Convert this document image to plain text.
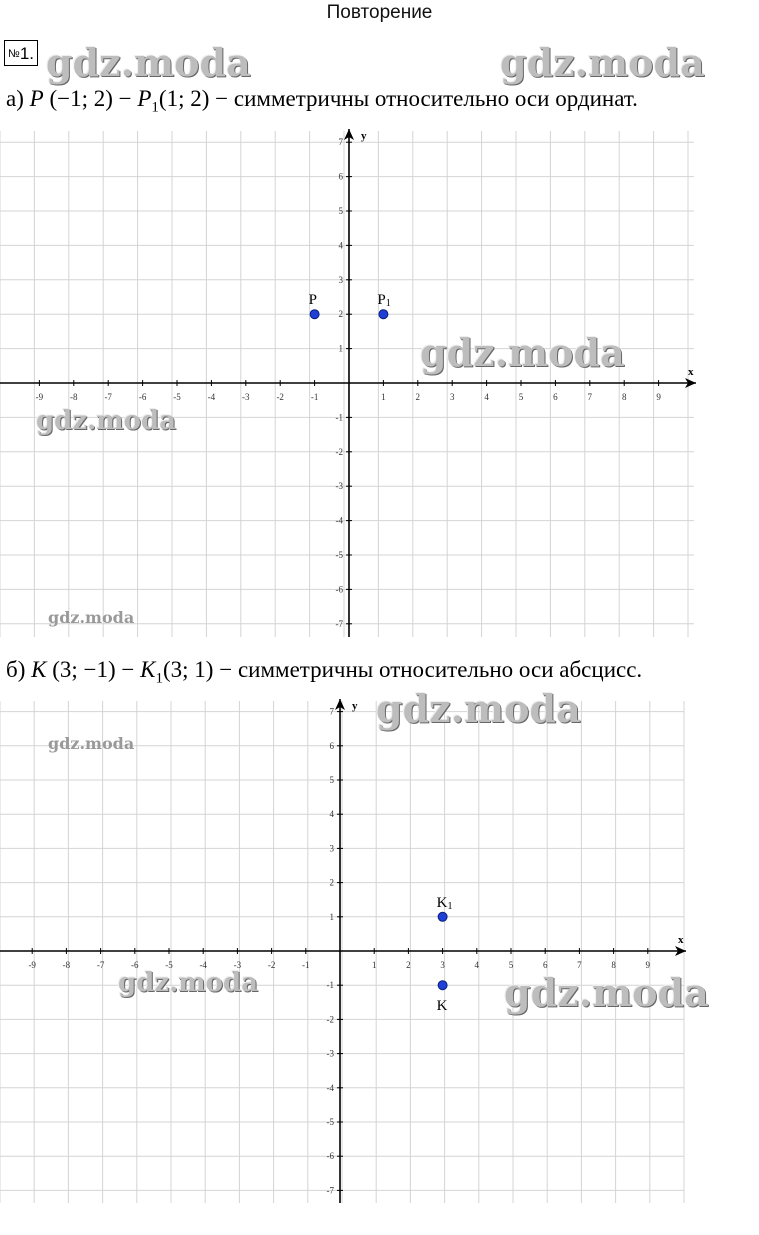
Повторение
№1. gdz.moda	gdz.moda
а) P (−1; $2) - P_1(1$; 2) − симметричны относительно оси ординат.
x
y
-9	-8	-7	-6	-5	-4	-3	-2	-1	1	2	3	4	5	6	7	8	9
-7
-6
-5
-4
-3
-2
-1
1
2
3
4
5
6
7
P	P1
gdz.moda
gdz.moda
gdz.moda
б) K (3; $-1) - K_1(3$; 1) − симметричны относительно оси абсцисс.
x
y
-9	-8	-7	-6	-5	-4	-3	-2	-1	1	2	3	4	5	6	7	8	9
-7
-6
-5
-4
-3
-2
-1
1
2
3
4
5
6
7
K1
K
gdz.moda
gdz.moda
gdz.moda	gdz.moda
